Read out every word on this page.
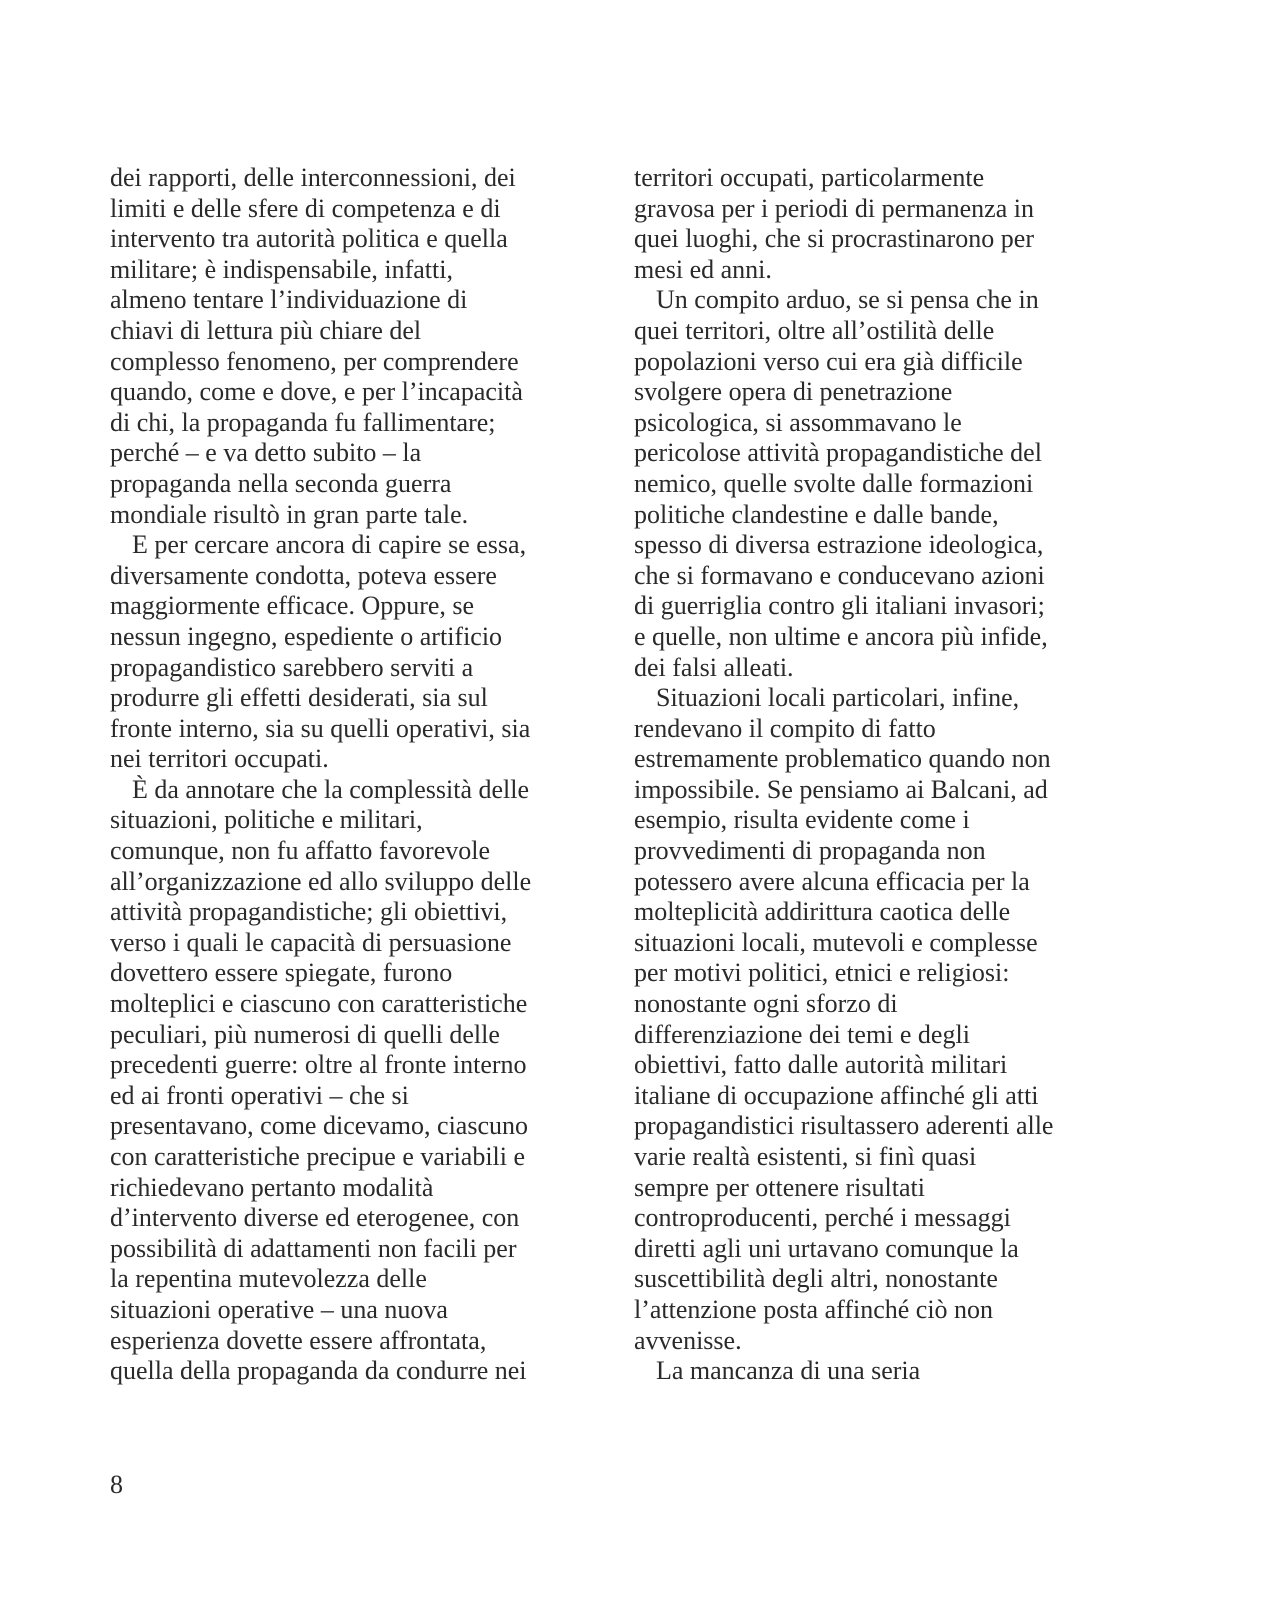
dei rapporti, delle interconnessioni, dei
limiti e delle sfere di competenza e di
intervento tra autorità politica e quella
militare; è indispensabile, infatti,
almeno tentare l’individuazione di
chiavi di lettura più chiare del
complesso fenomeno, per comprendere
quando, come e dove, e per l’incapacità
di chi, la propaganda fu fallimentare;
perché – e va detto subito – la
propaganda nella seconda guerra
mondiale risultò in gran parte tale.
E per cercare ancora di capire se essa,
diversamente condotta, poteva essere
maggiormente efficace. Oppure, se
nessun ingegno, espediente o artificio
propagandistico sarebbero serviti a
produrre gli effetti desiderati, sia sul
fronte interno, sia su quelli operativi, sia
nei territori occupati.
È da annotare che la complessità delle
situazioni, politiche e militari,
comunque, non fu affatto favorevole
all’organizzazione ed allo sviluppo delle
attività propagandistiche; gli obiettivi,
verso i quali le capacità di persuasione
dovettero essere spiegate, furono
molteplici e ciascuno con caratteristiche
peculiari, più numerosi di quelli delle
precedenti guerre: oltre al fronte interno
ed ai fronti operativi – che si
presentavano, come dicevamo, ciascuno
con caratteristiche precipue e variabili e
richiedevano pertanto modalità
d’intervento diverse ed eterogenee, con
possibilità di adattamenti non facili per
la repentina mutevolezza delle
situazioni operative – una nuova
esperienza dovette essere affrontata,
quella della propaganda da condurre nei
territori occupati, particolarmente
gravosa per i periodi di permanenza in
quei luoghi, che si procrastinarono per
mesi ed anni.
Un compito arduo, se si pensa che in
quei territori, oltre all’ostilità delle
popolazioni verso cui era già difficile
svolgere opera di penetrazione
psicologica, si assommavano le
pericolose attività propagandistiche del
nemico, quelle svolte dalle formazioni
politiche clandestine e dalle bande,
spesso di diversa estrazione ideologica,
che si formavano e conducevano azioni
di guerriglia contro gli italiani invasori;
e quelle, non ultime e ancora più infide,
dei falsi alleati.
Situazioni locali particolari, infine,
rendevano il compito di fatto
estremamente problematico quando non
impossibile. Se pensiamo ai Balcani, ad
esempio, risulta evidente come i
provvedimenti di propaganda non
potessero avere alcuna efficacia per la
molteplicità addirittura caotica delle
situazioni locali, mutevoli e complesse
per motivi politici, etnici e religiosi:
nonostante ogni sforzo di
differenziazione dei temi e degli
obiettivi, fatto dalle autorità militari
italiane di occupazione affinché gli atti
propagandistici risultassero aderenti alle
varie realtà esistenti, si finì quasi
sempre per ottenere risultati
controproducenti, perché i messaggi
diretti agli uni urtavano comunque la
suscettibilità degli altri, nonostante
l’attenzione posta affinché ciò non
avvenisse.
La mancanza di una seria
8
